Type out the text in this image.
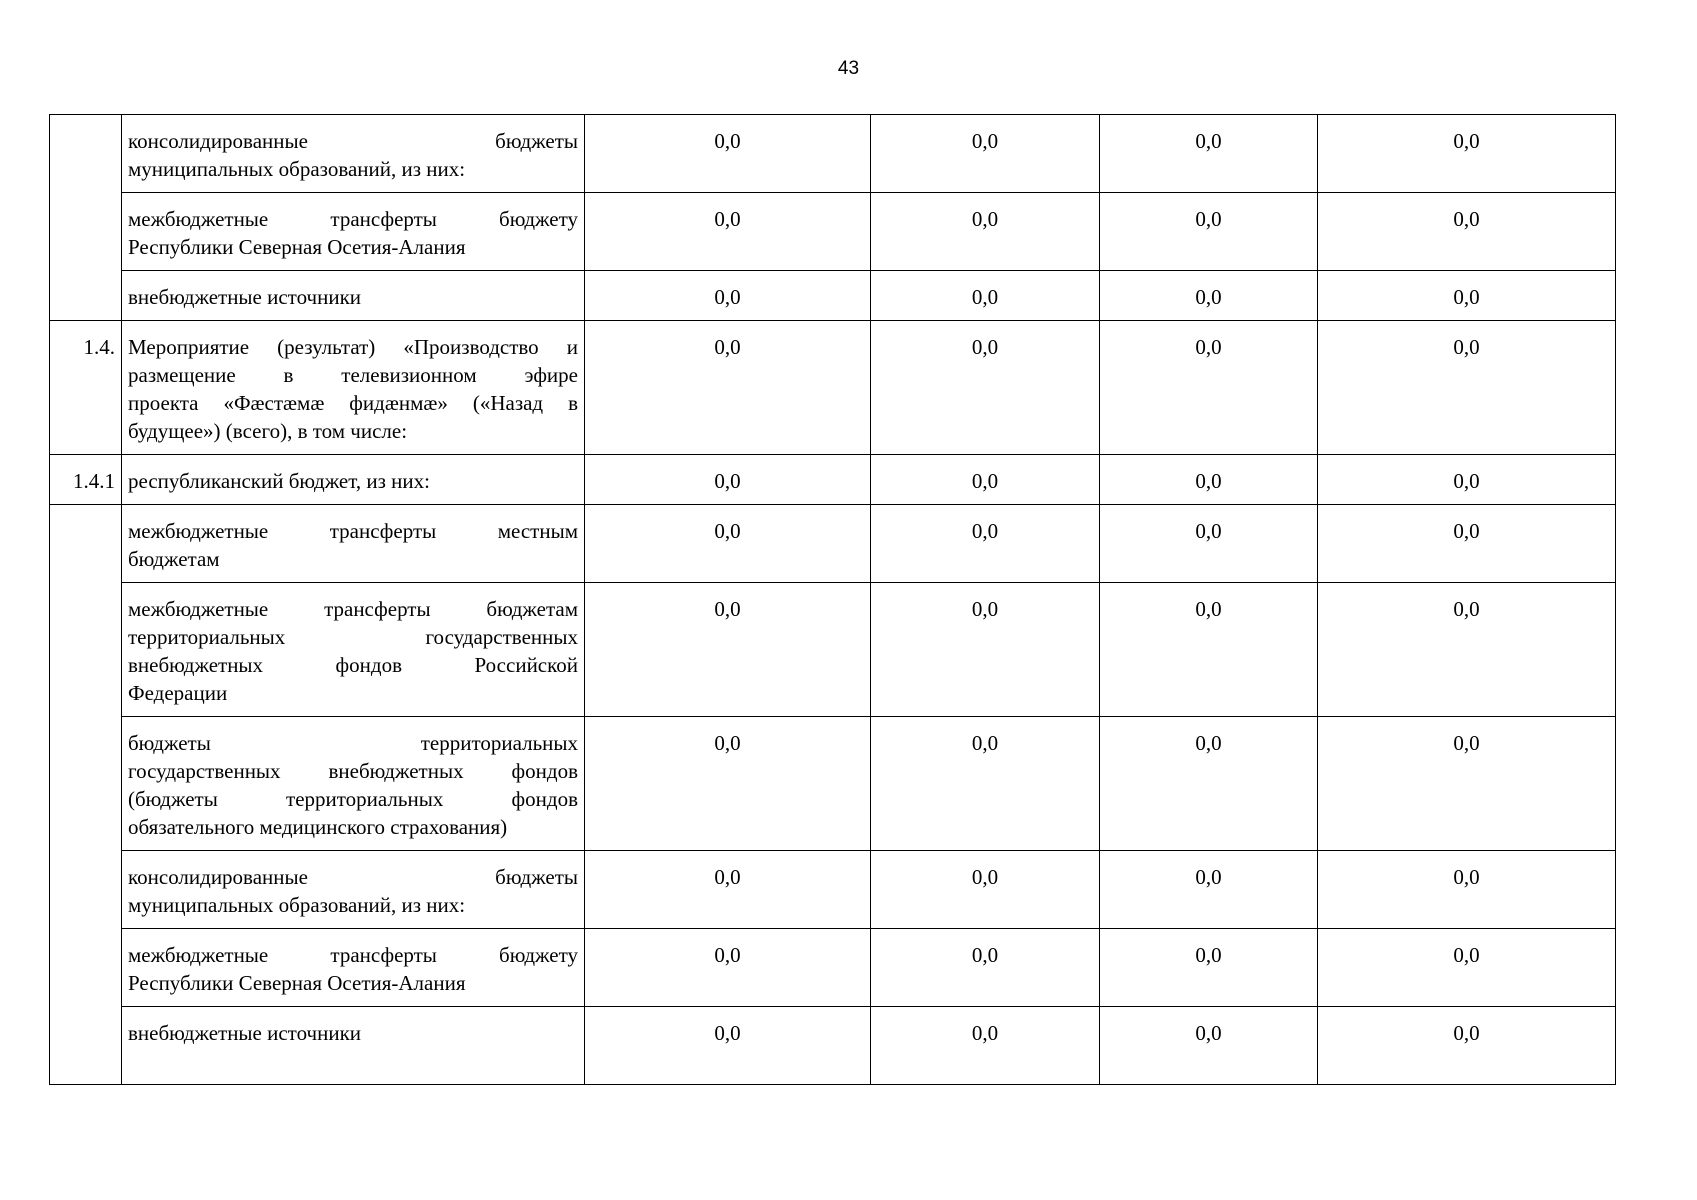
43

	консолидированные бюджеты
муниципальных образований, из них:	0,0	0,0	0,0	0,0

	межбюджетные трансферты бюджету
Республики Северная Осетия-Алания	0,0	0,0	0,0	0,0

	внебюджетные источники	0,0	0,0	0,0	0,0
1.4.	Мероприятие (результат) «Производство и
размещение в телевизионном эфире
проекта «Фæстæмæ фидæнмæ» («Назад в
будущее») (всего), в том числе:	0,0	0,0	0,0	0,0
1.4.1	республиканский бюджет, из них:	0,0	0,0	0,0	0,0

	межбюджетные трансферты местным
бюджетам	0,0	0,0	0,0	0,0

	межбюджетные трансферты бюджетам
территориальных государственных
внебюджетных фондов Российской
Федерации	0,0	0,0	0,0	0,0

	бюджеты территориальных
государственных внебюджетных фондов
(бюджеты территориальных фондов
обязательного медицинского страхования)	0,0	0,0	0,0	0,0

	консолидированные бюджеты
муниципальных образований, из них:	0,0	0,0	0,0	0,0

	межбюджетные трансферты бюджету
Республики Северная Осетия-Алания	0,0	0,0	0,0	0,0

	внебюджетные источники	0,0	0,0	0,0	0,0
